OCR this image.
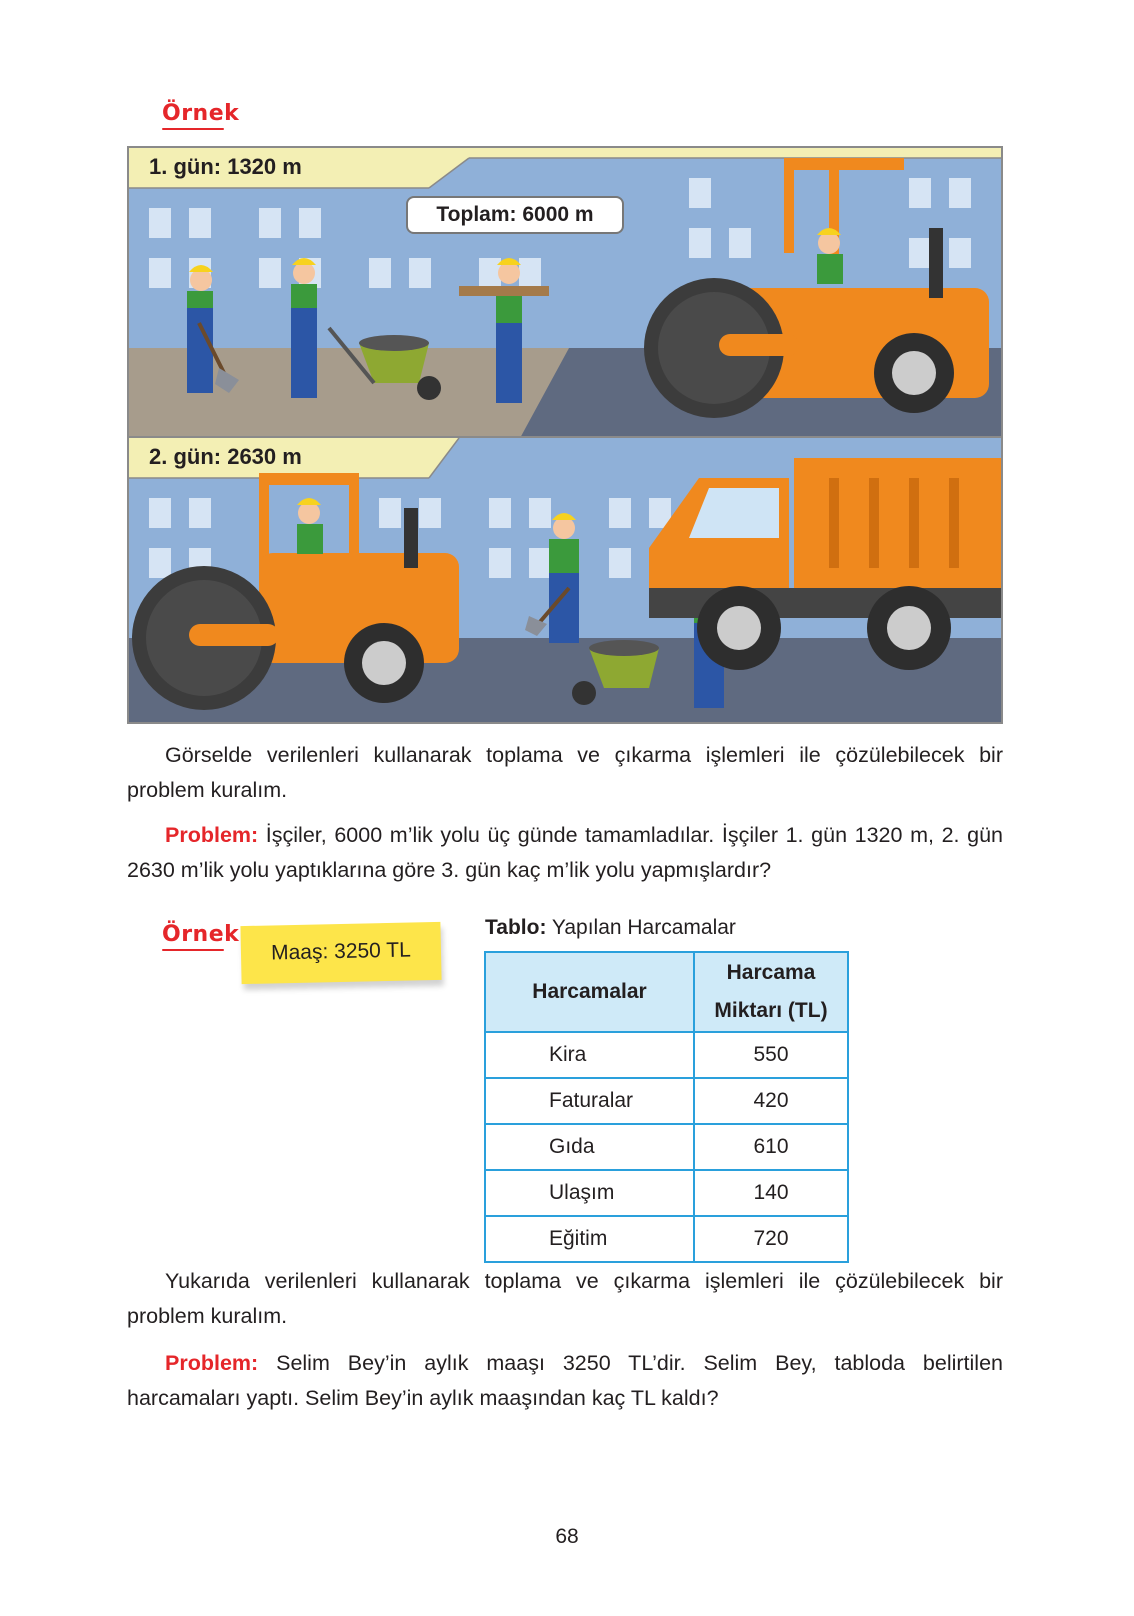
Örnek
1. gün: 1320 m
Toplam: 6000 m
2. gün: 2630 m
Görselde verilenleri kullanarak toplama ve çıkarma işlemleri ile çözülebilecek bir problem kuralım.
Problem: İşçiler, 6000 m’lik yolu üç günde tamamladılar. İşçiler 1. gün 1320 m, 2. gün 2630 m’lik yolu yaptıklarına göre 3. gün kaç m’lik yolu yapmışlardır?
Örnek
Maaş: 3250 TL
Tablo: Yapılan Harcamalar
Harcamalar	Harcama
Miktarı (TL)

Kira	550
Faturalar	420
Gıda	610
Ulaşım	140
Eğitim	720
Yukarıda verilenleri kullanarak toplama ve çıkarma işlemleri ile çözülebilecek bir problem kuralım.
Problem: Selim Bey’in aylık maaşı 3250 TL’dir. Selim Bey, tabloda belirtilen harcamaları yaptı. Selim Bey’in aylık maaşından kaç TL kaldı?
68
